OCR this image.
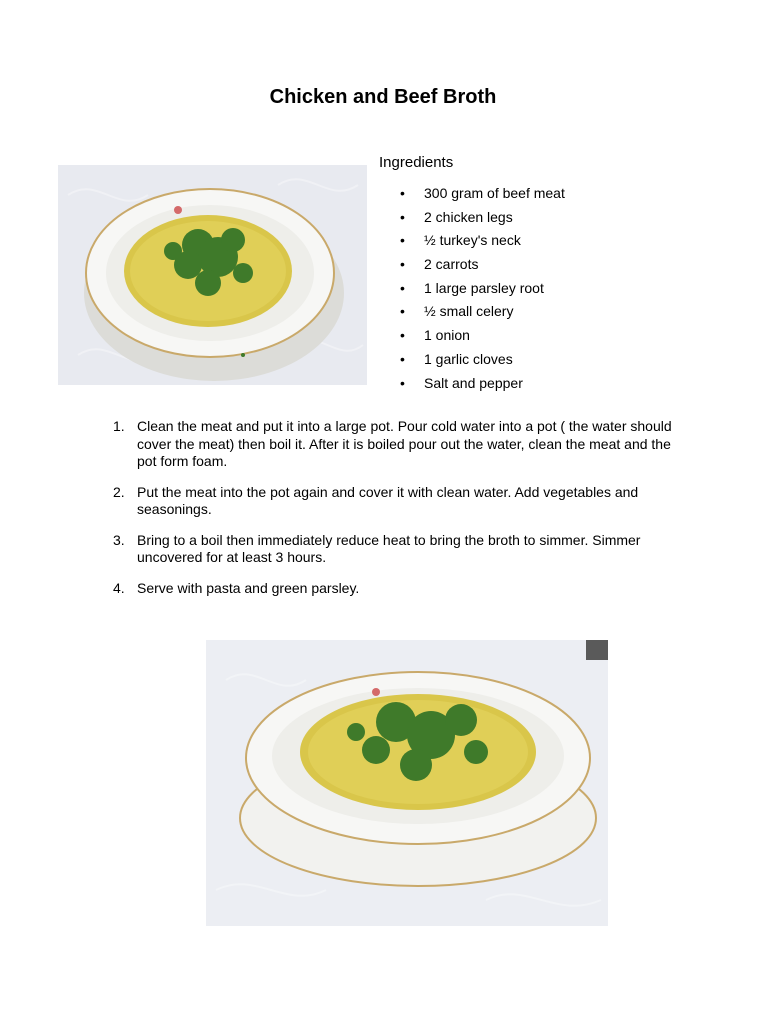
Chicken and Beef Broth
Ingredients
• 300 gram of beef meat
• 2 chicken legs
• ½ turkey's neck
• 2 carrots
• 1 large parsley root
• ½ small celery
• 1 onion
• 1 garlic cloves
• Salt and pepper
1. Clean the meat and put it into a large pot. Pour cold water into a pot ( the water should cover the meat) then boil it. After it is boiled pour out the water, clean the meat and the pot form foam.
2. Put the meat into the pot again and cover it with clean water. Add vegetables and seasonings.
3. Bring to a boil then immediately reduce heat to bring the broth to simmer. Simmer uncovered for at least 3 hours.
4. Serve with pasta and green parsley.
